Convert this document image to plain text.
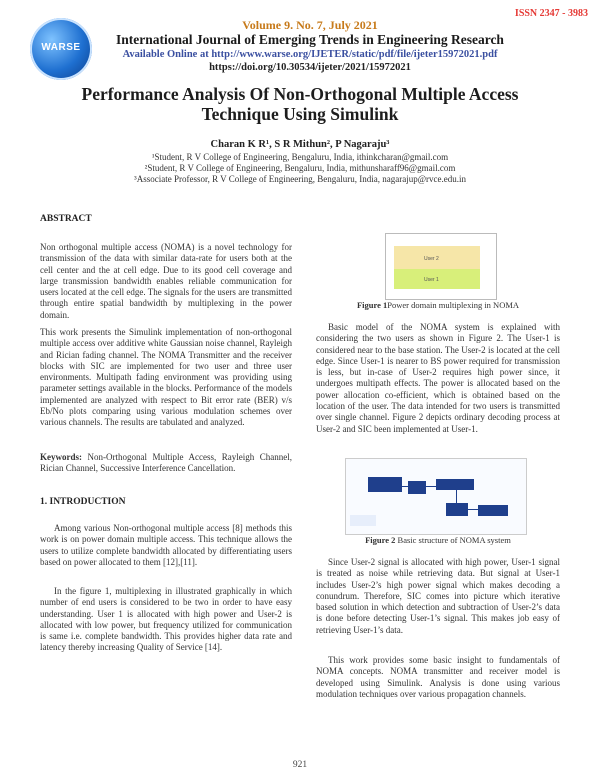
WARSE
ISSN 2347 - 3983
Volume 9. No. 7, July 2021
International Journal of Emerging Trends in Engineering Research
Available Online at http://www.warse.org/IJETER/static/pdf/file/ijeter15972021.pdf
https://doi.org/10.30534/ijeter/2021/15972021
Performance Analysis Of Non-Orthogonal Multiple Access
Technique Using Simulink
Charan K R¹, S R Mithun², P Nagaraju³
¹Student, R V College of Engineering, Bengaluru, India, ithinkcharan@gmail.com
²Student, R V College of Engineering, Bengaluru, India, mithunsharaff96@gmail.com
³Associate Professor, R V College of Engineering, Bengaluru, India, nagarajup@rvce.edu.in
ABSTRACT
Non orthogonal multiple access (NOMA) is a novel technology for transmission of the data with similar data-rate for users both at the cell center and the at cell edge. Due to its good cell coverage and large transmission bandwidth enables reliable communication for users located at the cell edge. The signals for the users are transmitted through entire spatial bandwidth by multiplexing in the power domain.
This work presents the Simulink implementation of non-orthogonal multiple access over additive white Gaussian noise channel, Rayleigh and Rician fading channel. The NOMA Transmitter and the receiver blocks with SIC are implemented for two user and three user environments. Multipath fading environment was providing using parameter settings available in the blocks. Performance of the models implemented are analyzed with respect to Bit error rate (BER) v/s Eb/No plots comparing using various modulation schemes over various channels. The results are tabulated and analyzed.
Keywords: Non-Orthogonal Multiple Access, Rayleigh Channel, Rician Channel, Successive Interference Cancellation.
1. INTRODUCTION
Among various Non-orthogonal multiple access [8] methods this work is on power domain multiple access. This technique allows the users to utilize complete bandwidth allocated by differentiating users based on power allocated to them [12],[11].
In the figure 1, multiplexing in illustrated graphically in which number of end users is considered to be two in order to have easy understanding. User 1 is allocated with high power and User-2 is allocated with low power, but frequency utilized for communication is same i.e. complete bandwidth. This provides higher data rate and latency thereby increasing Quality of Service [14].
User 2
User 1
Figure 1Power domain multiplexing in NOMA
Basic model of the NOMA system is explained with considering the two users as shown in Figure 2. The User-1 is considered near to the base station. The User-2 is located at the cell edge. Since User-1 is nearer to BS power required for transmission is less, but in-case of User-2 requires high power since, it undergoes multipath effects. The power is allocated based on the power allocation co-efficient, which is obtained based on the location of the user. The data intended for two users is transmitted over single channel. Figure 2 depicts ordinary decoding process at User-2 and SIC been implemented at User-1.
Figure 2 Basic structure of NOMA system
Since User-2 signal is allocated with high power, User-1 signal is treated as noise while retrieving data. But signal at User-1 includes User-2’s high power signal which makes decoding a conundrum. Therefore, SIC comes into picture which iterative based solution in which detection and subtraction of User-2’s data is done before detecting User-1’s signal. This makes job easy of retrieving User-1’s data.
This work provides some basic insight to fundamentals of NOMA concepts. NOMA transmitter and receiver model is developed using Simulink. Analysis is done using various modulation techniques over various propagation channels.
921
